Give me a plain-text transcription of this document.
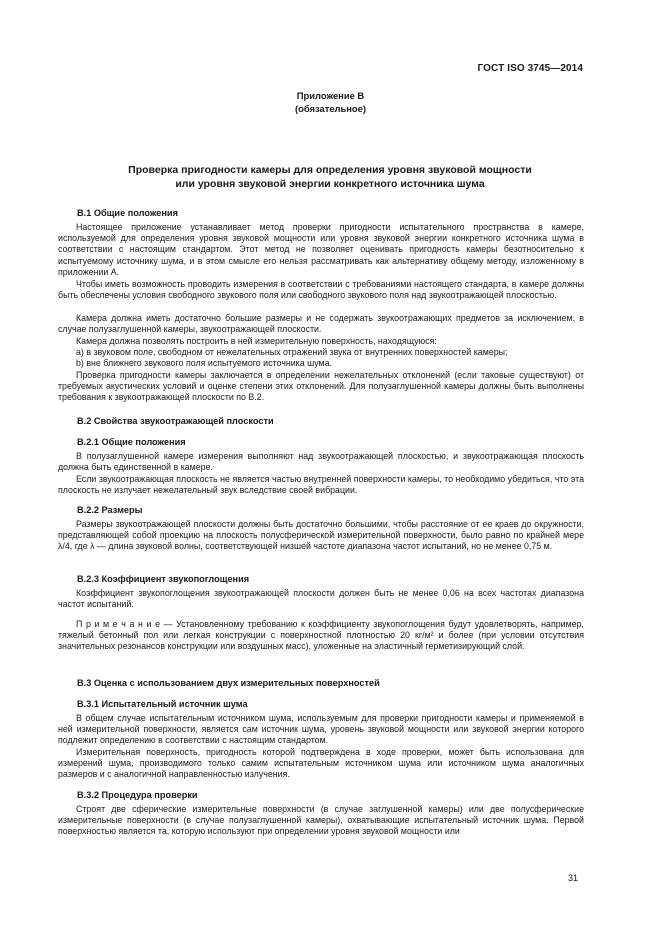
ГОСТ ISO 3745—2014
Приложение В
(обязательное)
Проверка пригодности камеры для определения уровня звуковой мощности
или уровня звуковой энергии конкретного источника шума
В.1 Общие положения
Настоящее приложение устанавливает метод проверки пригодности испытательного пространства в камере, используемой для определения уровня звуковой мощности или уровня звуковой энергии конкретного источника шума в соответствии с настоящим стандартом. Этот метод не позволяет оценивать пригодность камеры безотносительно к испытуемому источнику шума, и в этом смысле его нельзя рассматривать как альтернативу общему методу, изложенному в приложении А.
Чтобы иметь возможность проводить измерения в соответствии с требованиями настоящего стандарта, в камере должны быть обеспечены условия свободного звукового поля или свободного звукового поля над звукоотражающей плоскостью.
Камера должна иметь достаточно большие размеры и не содержать звукоотражающих предметов за исключением, в случае полузаглушенной камеры, звукоотражающей плоскости.
Камера должна позволять построить в ней измерительную поверхность, находящуюся:
а) в звуковом поле, свободном от нежелательных отражений звука от внутренних поверхностей камеры;
b) вне ближнего звукового поля испытуемого источника шума.
Проверка пригодности камеры заключается в определении нежелательных отклонений (если таковые существуют) от требуемых акустических условий и оценке степени этих отклонений. Для полузаглушенной камеры должны быть выполнены требования к звукоотражающей плоскости по В.2.
В.2 Свойства звукоотражающей плоскости
В.2.1 Общие положения
В полузаглушенной камере измерения выполняют над звукоотражающей плоскостью, и звукоотражающая плоскость должна быть единственной в камере.
Если звукоотражающая плоскость не является частью внутренней поверхности камеры, то необходимо убедиться, что эта плоскость не излучает нежелательный звук вследствие своей вибрации.
В.2.2 Размеры
Размеры звукоотражающей плоскости должны быть достаточно большими, чтобы расстояние от ее краев до окружности, представляющей собой проекцию на плоскость полусферической измерительной поверхности, было равно по крайней мере λ/4, где λ — длина звуковой волны, соответствующей низшей частоте диапазона частот испытаний, но не менее 0,75 м.
В.2.3 Коэффициент звукопоглощения
Коэффициент звукопоглощения звукоотражающей плоскости должен быть не менее 0,06 на всех частотах диапазона частот испытаний.
П р и м е ч а н и е — Установленному требованию к коэффициенту звукопоглощения будут удовлетворять, например, тяжелый бетонный пол или легкая конструкции с поверхностной плотностью 20 кг/м² и более (при условии отсутствия значительных резонансов конструкции или воздушных масс), уложенные на эластичный герметизирующий слой.
В.3 Оценка с использованием двух измерительных поверхностей
В.3.1 Испытательный источник шума
В общем случае испытательным источником шума, используемым для проверки пригодности камеры и применяемой в ней измерительной поверхности, является сам источник шума, уровень звуковой мощности или звуковой энергии которого подлежит определению в соответствии с настоящим стандартом.
Измерительная поверхность, пригодность которой подтверждена в ходе проверки, может быть использована для измерений шума, производимого только самим испытательным источником шума или источником шума аналогичных размеров и с аналогичной направленностью излучения.
В.3.2 Процедура проверки
Строят две сферические измерительные поверхности (в случае заглушенной камеры) или две полусферические измерительные поверхности (в случае полузаглушенной камеры), охватывающие испытательный источник шума. Первой поверхностью является та, которую используют при определении уровня звуковой мощности или
31
